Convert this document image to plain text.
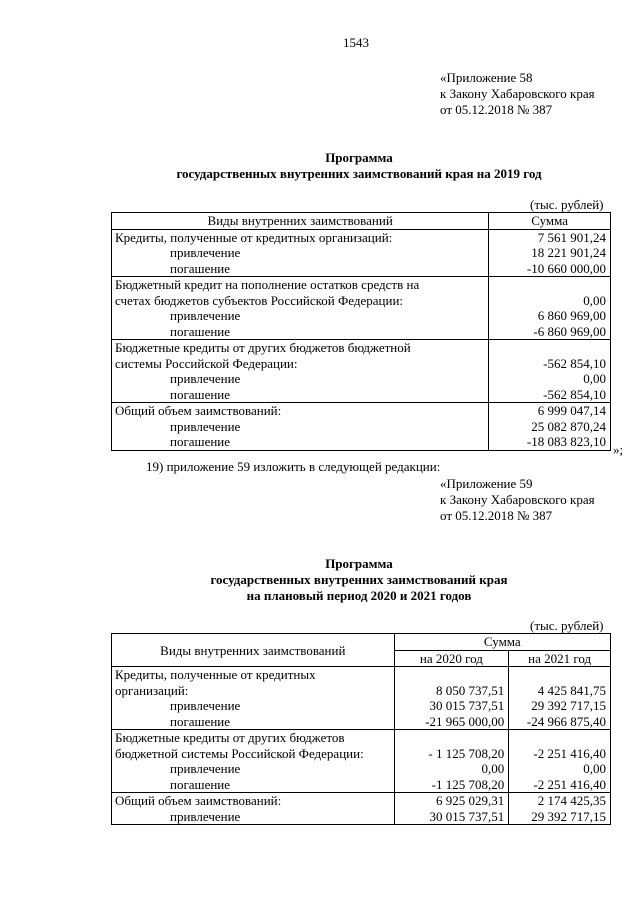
1543
«Приложение 58
к Закону Хабаровского края
от 05.12.2018 № 387
Программа
государственных внутренних заимствований края на 2019 год
(тыс. рублей)
Виды внутренних заимствований	Сумма
Кредиты, полученные от кредитных организаций:	7 561 901,24
привлечение	18 221 901,24
погашение	-10 660 000,00
Бюджетный кредит на пополнение остатков средств на	
счетах бюджетов субъектов Российской Федерации:	0,00
привлечение	6 860 969,00
погашение	-6 860 969,00
Бюджетные кредиты от других бюджетов бюджетной	
системы Российской Федерации:	-562 854,10
привлечение	0,00
погашение	-562 854,10
Общий объем заимствований:	6 999 047,14
привлечение	25 082 870,24
погашение	-18 083 823,10
»;
19) приложение 59 изложить в следующей редакции:
«Приложение 59
к Закону Хабаровского края
от 05.12.2018 № 387
Программа
государственных внутренних заимствований края
на плановый период 2020 и 2021 годов
(тыс. рублей)
Виды внутренних заимствований	Сумма	
	на 2020 год	на 2021 год
Кредиты, полученные от кредитных		
организаций:	8 050 737,51	4 425 841,75
привлечение	30 015 737,51	29 392 717,15
погашение	-21 965 000,00	-24 966 875,40
Бюджетные кредиты от других бюджетов		
бюджетной системы Российской Федерации:	- 1 125 708,20	-2 251 416,40
привлечение	0,00	0,00
погашение	-1 125 708,20	-2 251 416,40
Общий объем заимствований:	6 925 029,31	2 174 425,35
привлечение	30 015 737,51	29 392 717,15
